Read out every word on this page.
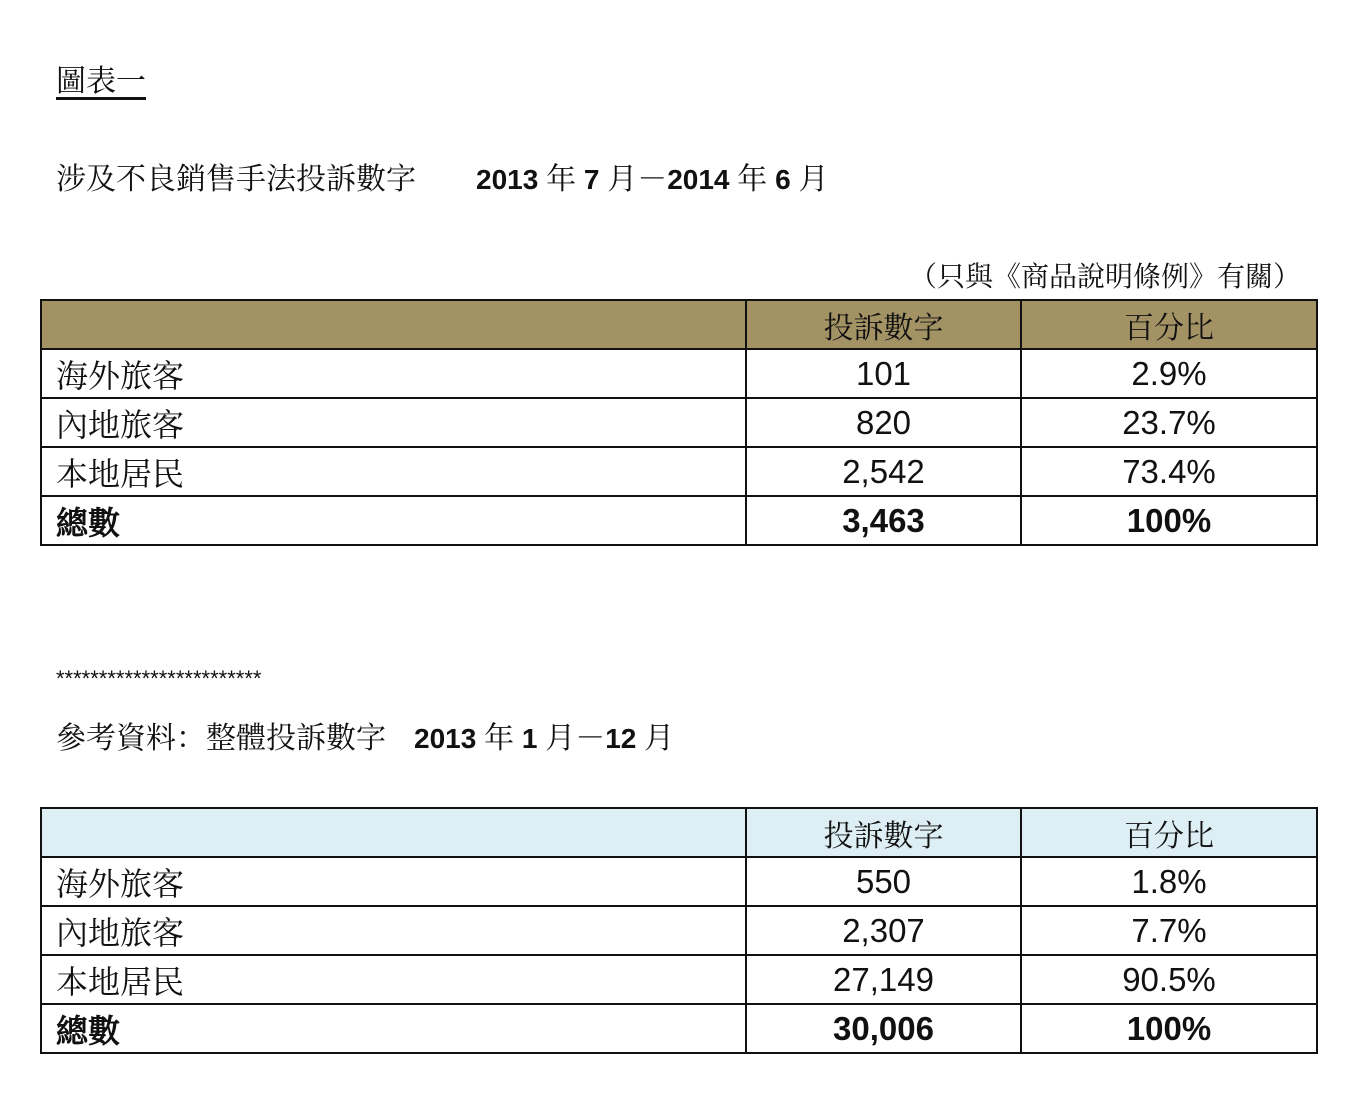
圖表一
涉及不良銷售手法投訴數字 2013 年 7 月－2014 年 6 月
（只與《商品說明條例》有關）
	投訴數字	百分比
海外旅客	101	2.9%
內地旅客	820	23.7%
本地居民	2,542	73.4%
總數	3,463	100%
************************
參考資料：整體投訴數字 2013 年 1 月－12 月
	投訴數字	百分比
海外旅客	550	1.8%
內地旅客	2,307	7.7%
本地居民	27,149	90.5%
總數	30,006	100%
